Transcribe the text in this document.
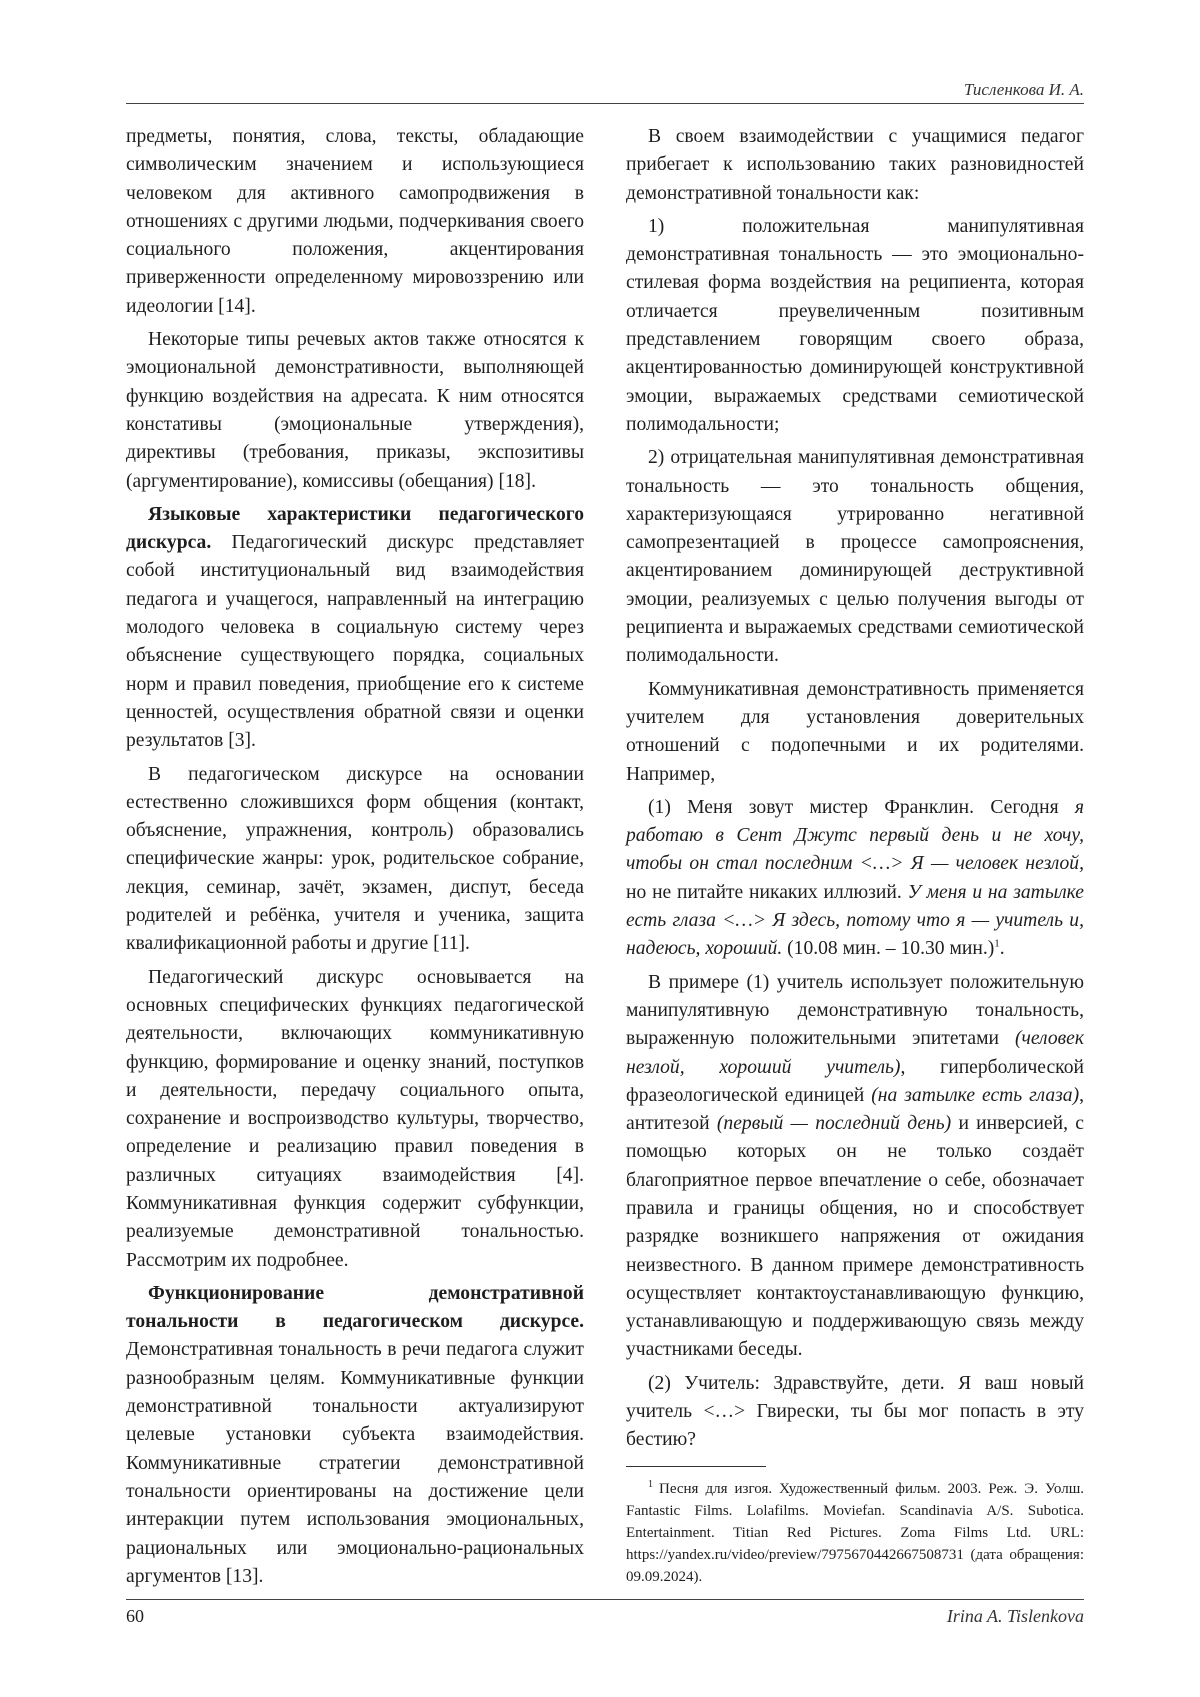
Тисленкова И. А.

предметы, понятия, слова, тексты, обладающие символическим значением и использующиеся человеком для активного самопродвижения в отношениях с другими людьми, подчеркивания своего социального положения, акцентирования приверженности определенному мировоззрению или идеологии [14].

Некоторые типы речевых актов также относятся к эмоциональной демонстративности, выполняющей функцию воздействия на адресата. К ним относятся констативы (эмоциональные утверждения), директивы (требования, приказы, экспозитивы (аргументирование), комиссивы (обещания) [18].

Языковые характеристики педагогического дискурса. Педагогический дискурс представляет собой институциональный вид взаимодействия педагога и учащегося, направленный на интеграцию молодого человека в социальную систему через объяснение существующего порядка, социальных норм и правил поведения, приобщение его к системе ценностей, осуществления обратной связи и оценки результатов [3].

В педагогическом дискурсе на основании естественно сложившихся форм общения (контакт, объяснение, упражнения, контроль) образовались специфические жанры: урок, родительское собрание, лекция, семинар, зачёт, экзамен, диспут, беседа родителей и ребёнка, учителя и ученика, защита квалификационной работы и другие [11].

Педагогический дискурс основывается на основных специфических функциях педагогической деятельности, включающих коммуникативную функцию, формирование и оценку знаний, поступков и деятельности, передачу социального опыта, сохранение и воспроизводство культуры, творчество, определение и реализацию правил поведения в различных ситуациях взаимодействия [4]. Коммуникативная функция содержит субфункции, реализуемые демонстративной тональностью. Рассмотрим их подробнее.

Функционирование демонстративной тональности в педагогическом дискурсе. Демонстративная тональность в речи педагога служит разнообразным целям. Коммуникативные функции демонстративной тональности актуализируют целевые установки субъекта взаимодействия. Коммуникативные стратегии демонстративной тональности ориентированы на достижение цели интеракции путем использования эмоциональных, рациональных или эмоционально-рациональных аргументов [13].

В своем взаимодействии с учащимися педагог прибегает к использованию таких разновидностей демонстративной тональности как:

1) положительная манипулятивная демонстративная тональность — это эмоционально-стилевая форма воздействия на реципиента, которая отличается преувеличенным позитивным представлением говорящим своего образа, акцентированностью доминирующей конструктивной эмоции, выражаемых средствами семиотической полимодальности;

2) отрицательная манипулятивная демонстративная тональность — это тональность общения, характеризующаяся утрированно негативной самопрезентацией в процессе самопрояснения, акцентированием доминирующей деструктивной эмоции, реализуемых с целью получения выгоды от реципиента и выражаемых средствами семиотической полимодальности.

Коммуникативная демонстративность применяется учителем для установления доверительных отношений с подопечными и их родителями. Например,

(1) Меня зовут мистер Франклин. Сегодня я работаю в Сент Джутс первый день и не хочу, чтобы он стал последним <…> Я — человек незлой, но не питайте никаких иллюзий. У меня и на затылке есть глаза <…> Я здесь, потому что я — учитель и, надеюсь, хороший. (10.08 мин. – 10.30 мин.)$^1$.

В примере (1) учитель использует положительную манипулятивную демонстративную тональность, выраженную положительными эпитетами (человек незлой, хороший учитель), гиперболической фразеологической единицей (на затылке есть глаза), антитезой (первый — последний день) и инверсией, с помощью которых он не только создаёт благоприятное первое впечатление о себе, обозначает правила и границы общения, но и способствует разрядке возникшего напряжения от ожидания неизвестного. В данном примере демонстративность осуществляет контактоустанавливающую функцию, устанавливающую и поддерживающую связь между участниками беседы.

(2) Учитель: Здравствуйте, дети. Я ваш новый учитель <…> Гвирески, ты бы мог попасть в эту бестию?

$^1$ Песня для изгоя. Художественный фильм. 2003. Реж. Э. Уолш. Fantastic Films. Lolafilms. Moviefan. Scandinavia A/S. Subotica. Entertainment. Titian Red Pictures. Zoma Films Ltd. URL: https://yandex.ru/video/preview/7975670442667508731 (дата обращения: 09.09.2024).
60	Irina A. Tislenkova
